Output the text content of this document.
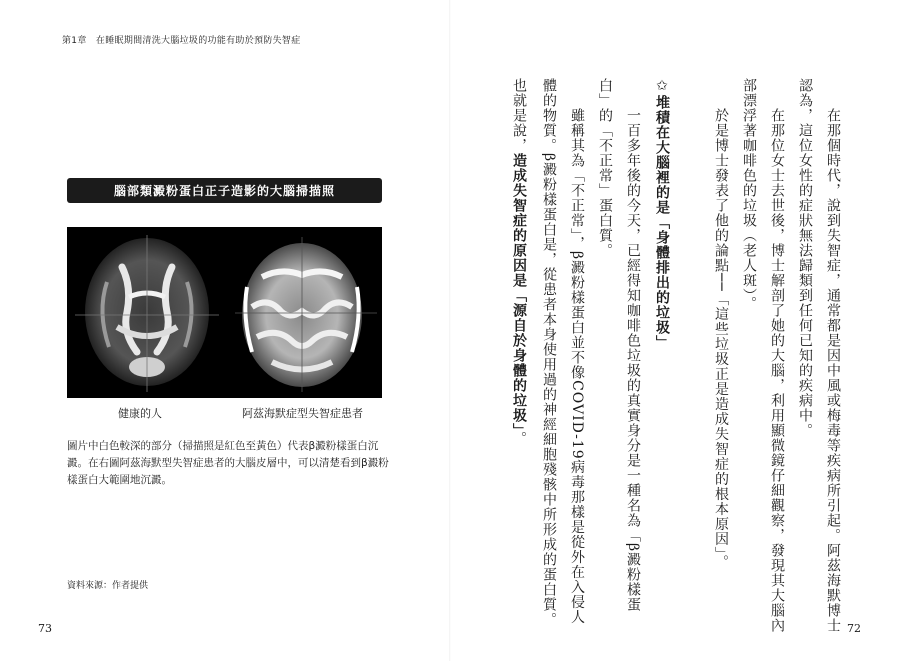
第1章　在睡眠期間清洗大腦垃圾的功能有助於預防失智症
腦部類澱粉蛋白正子造影的大腦掃描照
健康的人	阿茲海默症型失智症患者
圖片中白色較深的部分（掃描照是紅色至黃色）代表β澱粉樣蛋白沉澱。在右圖阿茲海默型失智症患者的大腦皮層中，可以清楚看到β澱粉樣蛋白大範圍地沉澱。
資料來源：作者提供
73	在那個時代，說到失智症，通常都是因中風或梅毒等疾病所引起。阿茲海默博士
認為，這位女性的症狀無法歸類到任何已知的疾病中。
在那位女士去世後，博士解剖了她的大腦，利用顯微鏡仔細觀察，發現其大腦內
部漂浮著咖啡色的垃圾（老人斑）。
於是博士發表了他的論點──「這些垃圾正是造成失智症的根本原因」。
✩堆積在大腦裡的是「身體排出的垃圾」
一百多年後的今天，已經得知咖啡色垃圾的真實身分是一種名為「β澱粉樣蛋
白」的「不正常」蛋白質。
雖稱其為「不正常」，β澱粉樣蛋白並不像COVID-19病毒那樣是從外在入侵人
體的物質。β澱粉樣蛋白是，從患者本身使用過的神經細胞殘骸中所形成的蛋白質。
也就是說，造成失智症的原因是「源自於身體的垃圾」。
72
